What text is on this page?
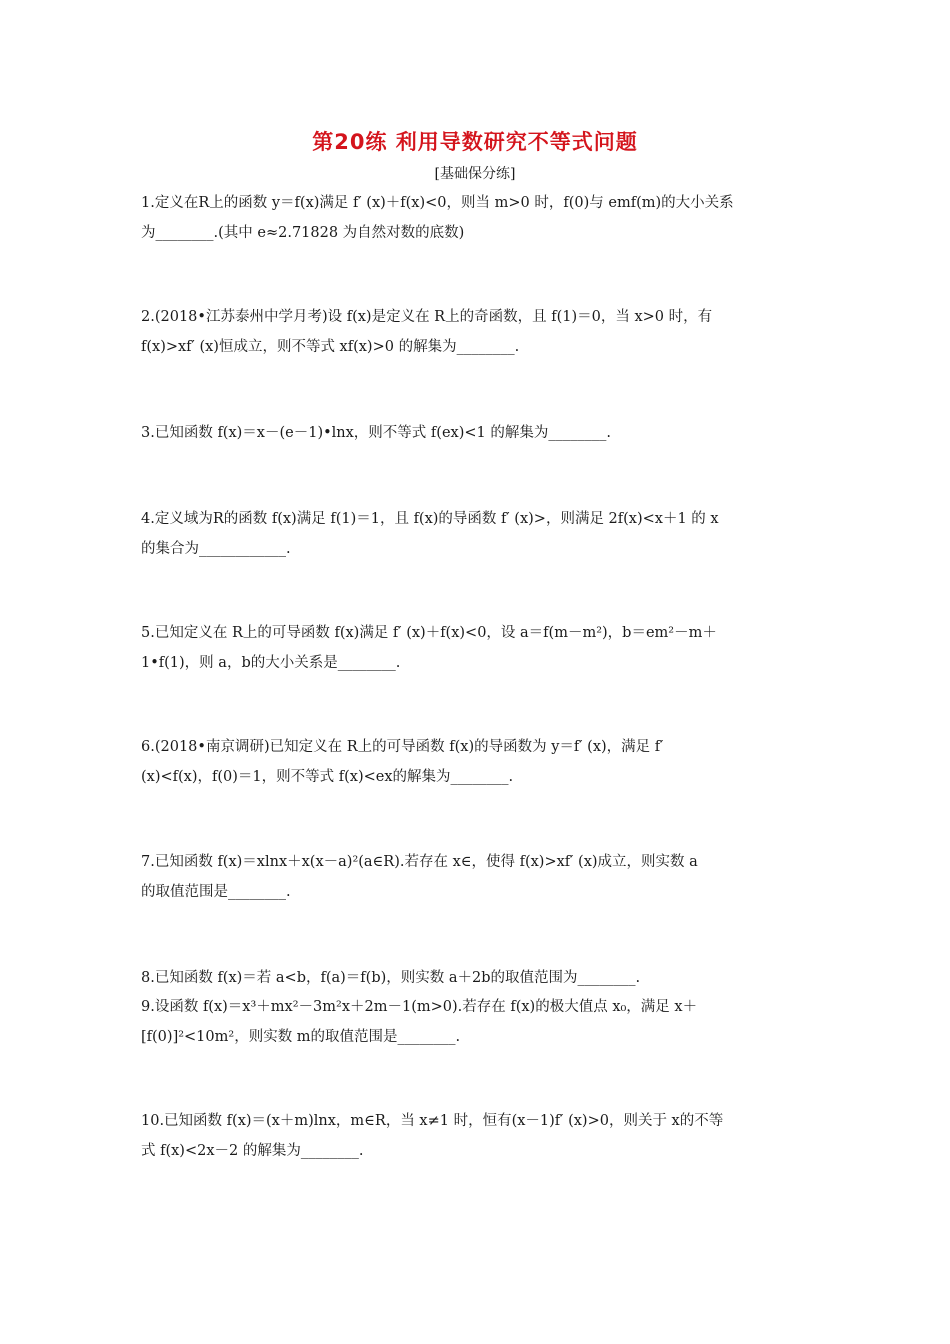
第20练 利用导数研究不等式问题
[基础保分练]

1.定义在R上的函数 y＝f(x)满足 f′ (x)＋f(x)<0，则当 m>0 时，f(0)与 emf(m)的大小关系

为________.(其中 e≈2.71828 为自然对数的底数)

2.(2018•江苏泰州中学月考)设 f(x)是定义在 R上的奇函数，且 f(1)＝0，当 x>0 时，有

f(x)>xf′ (x)恒成立，则不等式 xf(x)>0 的解集为________.

3.已知函数 f(x)＝x－(e－1)•lnx，则不等式 f(ex)<1 的解集为________.

4.定义域为R的函数 f(x)满足 f(1)＝1，且 f(x)的导函数 f′ (x)>，则满足 2f(x)<x＋1 的 x

的集合为____________.

5.已知定义在 R上的可导函数 f(x)满足 f′ (x)＋f(x)<0，设 a＝f(m－m²)，b＝em²－m＋

1•f(1)，则 a，b的大小关系是________.

6.(2018•南京调研)已知定义在 R上的可导函数 f(x)的导函数为 y＝f′ (x)，满足 f′

(x)<f(x)，f(0)＝1，则不等式 f(x)<ex的解集为________.

7.已知函数 f(x)＝xlnx＋x(x－a)²(a∈R).若存在 x∈，使得 f(x)>xf′ (x)成立，则实数 a

的取值范围是________.

8.已知函数 f(x)＝若 a<b，f(a)＝f(b)，则实数 a＋2b的取值范围为________.

9.设函数 f(x)＝x³＋mx²－3m²x＋2m－1(m>0).若存在 f(x)的极大值点 x₀，满足 x＋

[f(0)]²<10m²，则实数 m的取值范围是________.

10.已知函数 f(x)＝(x＋m)lnx，m∈R，当 x≠1 时，恒有(x－1)f′ (x)>0，则关于 x的不等

式 f(x)<2x－2 的解集为________.
